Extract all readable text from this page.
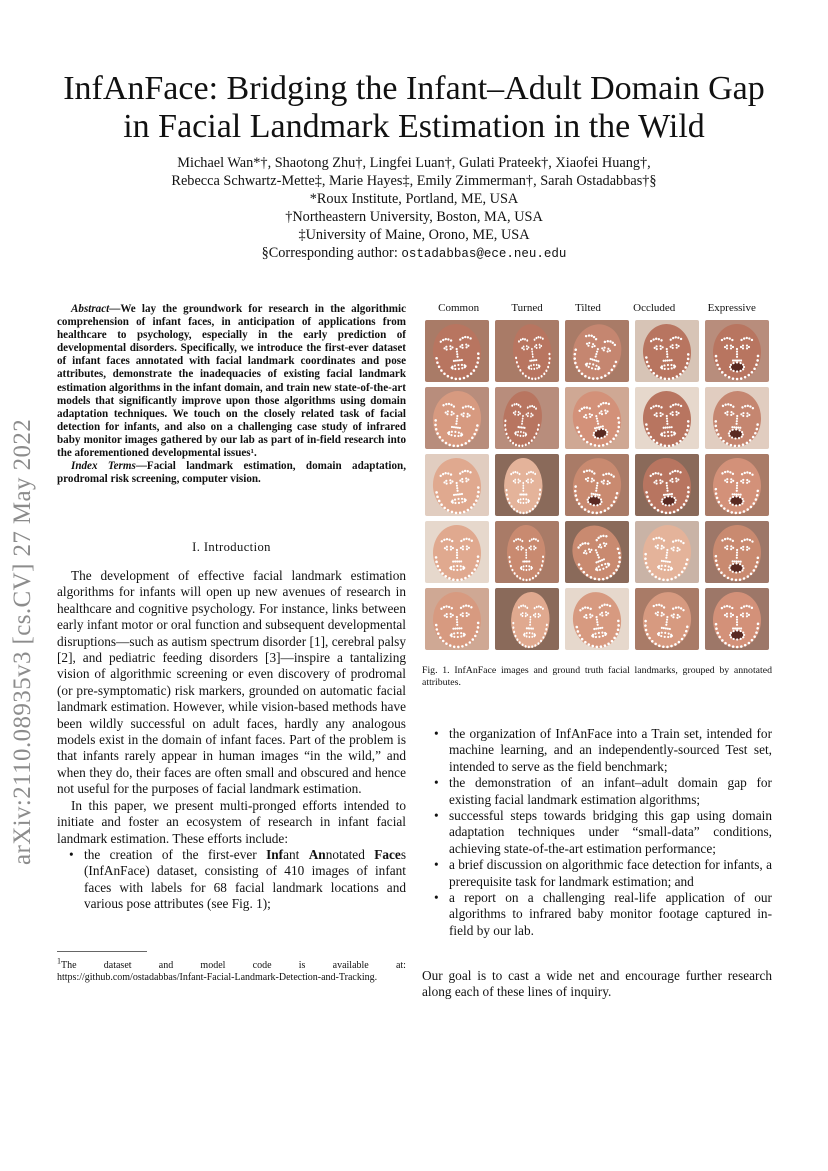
arXiv:2110.08935v3 [cs.CV] 27 May 2022
InfAnFace: Bridging the Infant–Adult Domain Gap
in Facial Landmark Estimation in the Wild
Michael Wan*†, Shaotong Zhu†, Lingfei Luan†, Gulati Prateek†, Xiaofei Huang†,
Rebecca Schwartz-Mette‡, Marie Hayes‡, Emily Zimmerman†, Sarah Ostadabbas†§
*Roux Institute, Portland, ME, USA
†Northeastern University, Boston, MA, USA
‡University of Maine, Orono, ME, USA
§Corresponding author: ostadabbas@ece.neu.edu

Abstract—We lay the groundwork for research in the algorithmic comprehension of infant faces, in anticipation of applications from healthcare to psychology, especially in the early prediction of developmental disorders. Specifically, we introduce the first-ever dataset of infant faces annotated with facial landmark coordinates and pose attributes, demonstrate the inadequacies of existing facial landmark estimation algorithms in the infant domain, and train new state-of-the-art models that significantly improve upon those algorithms using domain adaptation techniques. We touch on the closely related task of facial detection for infants, and also on a challenging case study of infrared baby monitor images gathered by our lab as part of in-field research into the aforementioned developmental issues¹.

Index Terms—Facial landmark estimation, domain adaptation, prodromal risk screening, computer vision.

I. Introduction

The development of effective facial landmark estimation algorithms for infants will open up new avenues of research in healthcare and cognitive psychology. For instance, links between early infant motor or oral function and subsequent developmental disruptions—such as autism spectrum disorder [1], cerebral palsy [2], and pediatric feeding disorders [3]—inspire a tantalizing vision of algorithmic screening or even discovery of prodromal (or pre-symptomatic) risk markers, grounded on automatic facial landmark estimation. However, while vision-based methods have been wildly successful on adult faces, hardly any analogous models exist in the domain of infant faces. Part of the problem is that infants rarely appear in human images “in the wild,” and when they do, their faces are often small and obscured and hence not useful for the purposes of facial landmark estimation.

In this paper, we present multi-pronged efforts intended to initiate and foster an ecosystem of research in infant facial landmark estimation. These efforts include:

• the creation of the first-ever Infant Annotated Faces (InfAnFace) dataset, consisting of 410 images of infant faces with labels for 68 facial landmark locations and various pose attributes (see Fig. 1);
$^1$The	dataset	and	model	code	is	available	at:
https://github.com/ostadabbas/Infant-Facial-Landmark-Detection-and-Tracking.
Common	Turned	Tilted	Occluded	Expressive
Fig. 1. InfAnFace images and ground truth facial landmarks, grouped by annotated attributes.
• the organization of InfAnFace into a Train set, intended for machine learning, and an independently-sourced Test set, intended to serve as the field benchmark;
• the demonstration of an infant–adult domain gap for existing facial landmark estimation algorithms;
• successful steps towards bridging this gap using domain adaptation techniques under “small-data” conditions, achieving state-of-the-art estimation performance;
• a brief discussion on algorithmic face detection for infants, a prerequisite task for landmark estimation; and
• a report on a challenging real-life application of our algorithms to infrared baby monitor footage captured in-field by our lab.
Our goal is to cast a wide net and encourage further research along each of these lines of inquiry.
